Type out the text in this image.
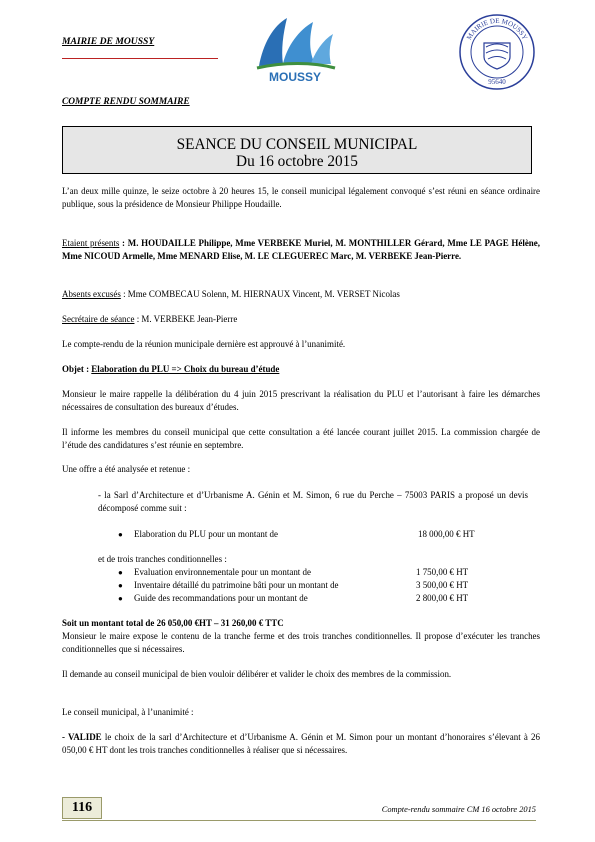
MAIRIE DE MOUSSY
MOUSSY
MAIRIE DE MOUSSY
95640
COMPTE RENDU SOMMAIRE
SEANCE DU CONSEIL MUNICIPAL
Du 16 octobre 2015
L’an deux mille quinze, le seize octobre à 20 heures 15, le conseil municipal légalement convoqué s’est réuni en séance ordinaire publique, sous la présidence de Monsieur Philippe Houdaille.
Etaient présents : M. HOUDAILLE Philippe, Mme VERBEKE Muriel, M. MONTHILLER Gérard, Mme LE PAGE Hélène, Mme NICOUD Armelle, Mme MENARD Elise, M. LE CLEGUEREC Marc, M. VERBEKE Jean-Pierre.
Absents excusés : Mme COMBECAU Solenn, M. HIERNAUX Vincent, M. VERSET Nicolas
Secrétaire de séance : M. VERBEKE Jean-Pierre
Le compte-rendu de la réunion municipale dernière est approuvé à l’unanimité.
Objet : Elaboration du PLU => Choix du bureau d’étude
Monsieur le maire rappelle la délibération du 4 juin 2015 prescrivant la réalisation du PLU et l’autorisant à faire les démarches nécessaires de consultation des bureaux d’études.
Il informe les membres du conseil municipal que cette consultation a été lancée courant juillet 2015. La commission chargée de l’étude des candidatures s’est réunie en septembre.
Une offre a été analysée et retenue :
- la Sarl d’Architecture et d’Urbanisme A. Génin et M. Simon, 6 rue du Perche – 75003 PARIS a proposé un devis décomposé comme suit :
● Elaboration du PLU pour un montant de	18 000,00 € HT
et de trois tranches conditionnelles :
● Evaluation environnementale pour un montant de	1 750,00 € HT
● Inventaire détaillé du patrimoine bâti pour un montant de	3 500,00 € HT
● Guide des recommandations pour un montant de	2 800,00 € HT
Soit un montant total de 26 050,00 €HT – 31 260,00 € TTC
Monsieur le maire expose le contenu de la tranche ferme et des trois tranches conditionnelles. Il propose d’exécuter les tranches conditionnelles que si nécessaires.
Il demande au conseil municipal de bien vouloir délibérer et valider le choix des membres de la commission.
Le conseil municipal, à l’unanimité :
- VALIDE le choix de la sarl d’Architecture et d’Urbanisme A. Génin et M. Simon pour un montant d’honoraires s’élevant à 26 050,00 € HT dont les trois tranches conditionnelles à réaliser que si nécessaires.
116	Compte-rendu sommaire CM 16 octobre 2015
